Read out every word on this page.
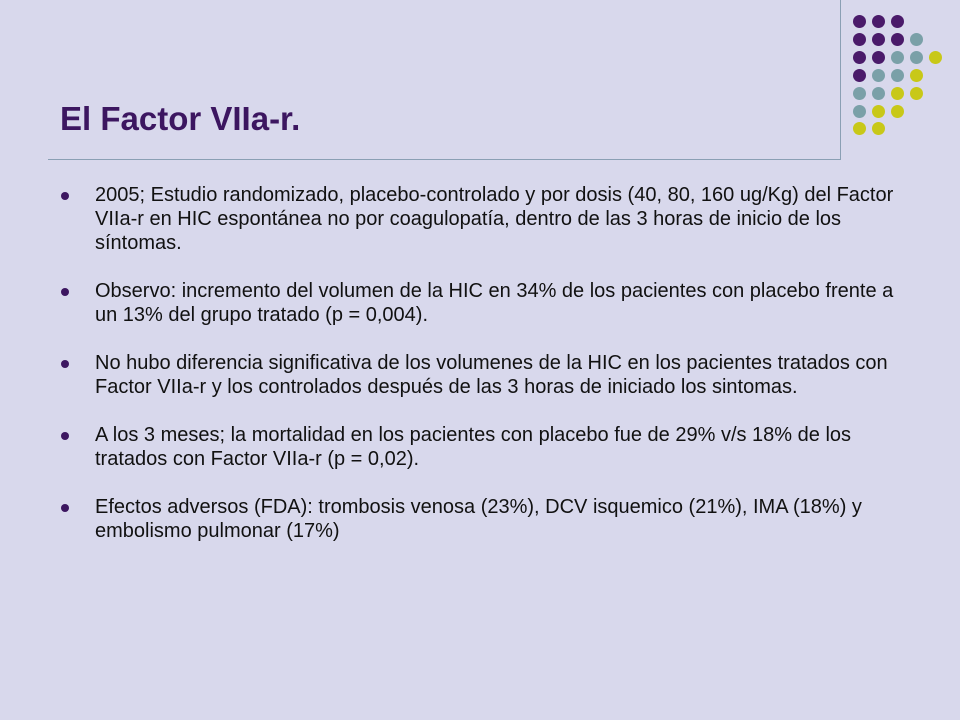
El Factor VIIa-r.
2005; Estudio randomizado, placebo-controlado y por dosis (40, 80, 160 ug/Kg) del Factor VIIa-r en HIC espontánea no por coagulopatía, dentro de las 3 horas de inicio de los síntomas.
Observo: incremento del volumen de la HIC en 34% de los pacientes con placebo frente a un 13% del grupo tratado (p = 0,004).
No hubo diferencia significativa de los volumenes de la HIC en los pacientes tratados con Factor VIIa-r y los controlados después de las 3 horas de iniciado los sintomas.
A los 3 meses; la mortalidad en los pacientes con placebo fue de 29% v/s 18% de los tratados con Factor VIIa-r (p = 0,02).
Efectos adversos (FDA): trombosis venosa (23%), DCV isquemico (21%), IMA (18%) y embolismo pulmonar (17%)
